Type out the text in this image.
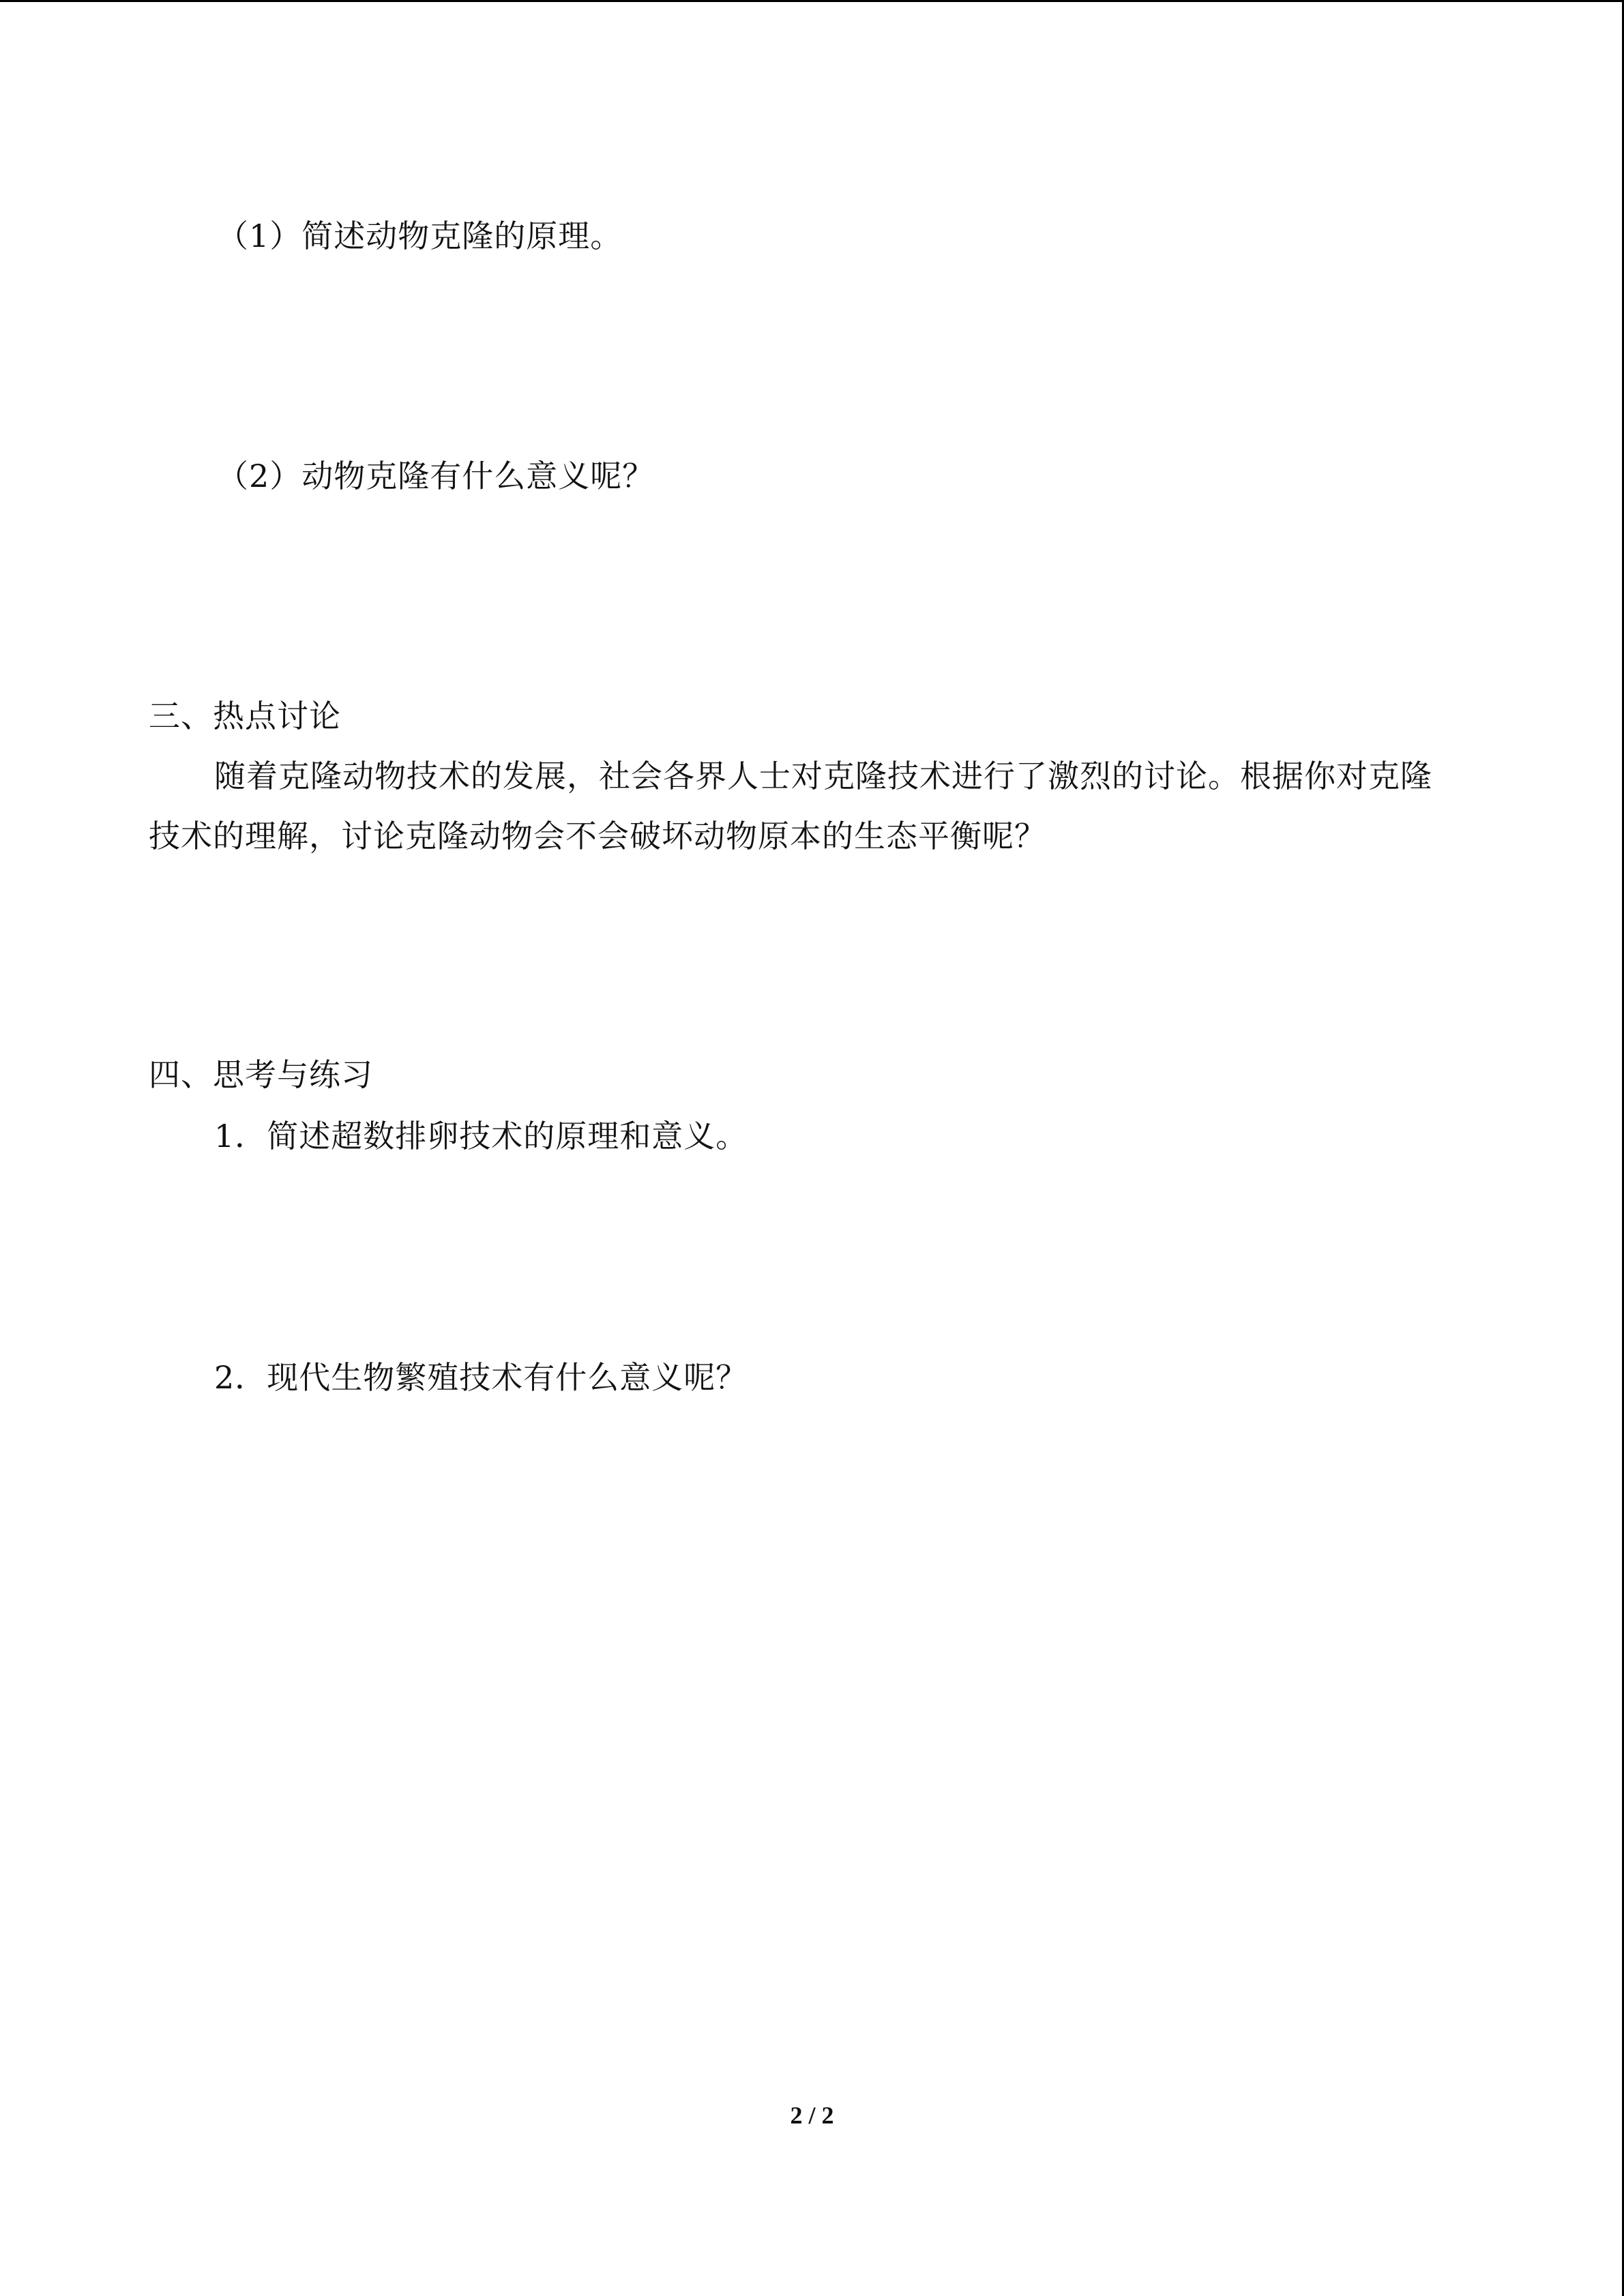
（1）简述动物克隆的原理。
（2）动物克隆有什么意义呢？
三、热点讨论
随着克隆动物技术的发展，社会各界人士对克隆技术进行了激烈的讨论。根据你对克隆
技术的理解，讨论克隆动物会不会破坏动物原本的生态平衡呢？
四、思考与练习
1．简述超数排卵技术的原理和意义。
2．现代生物繁殖技术有什么意义呢？
2 / 2
